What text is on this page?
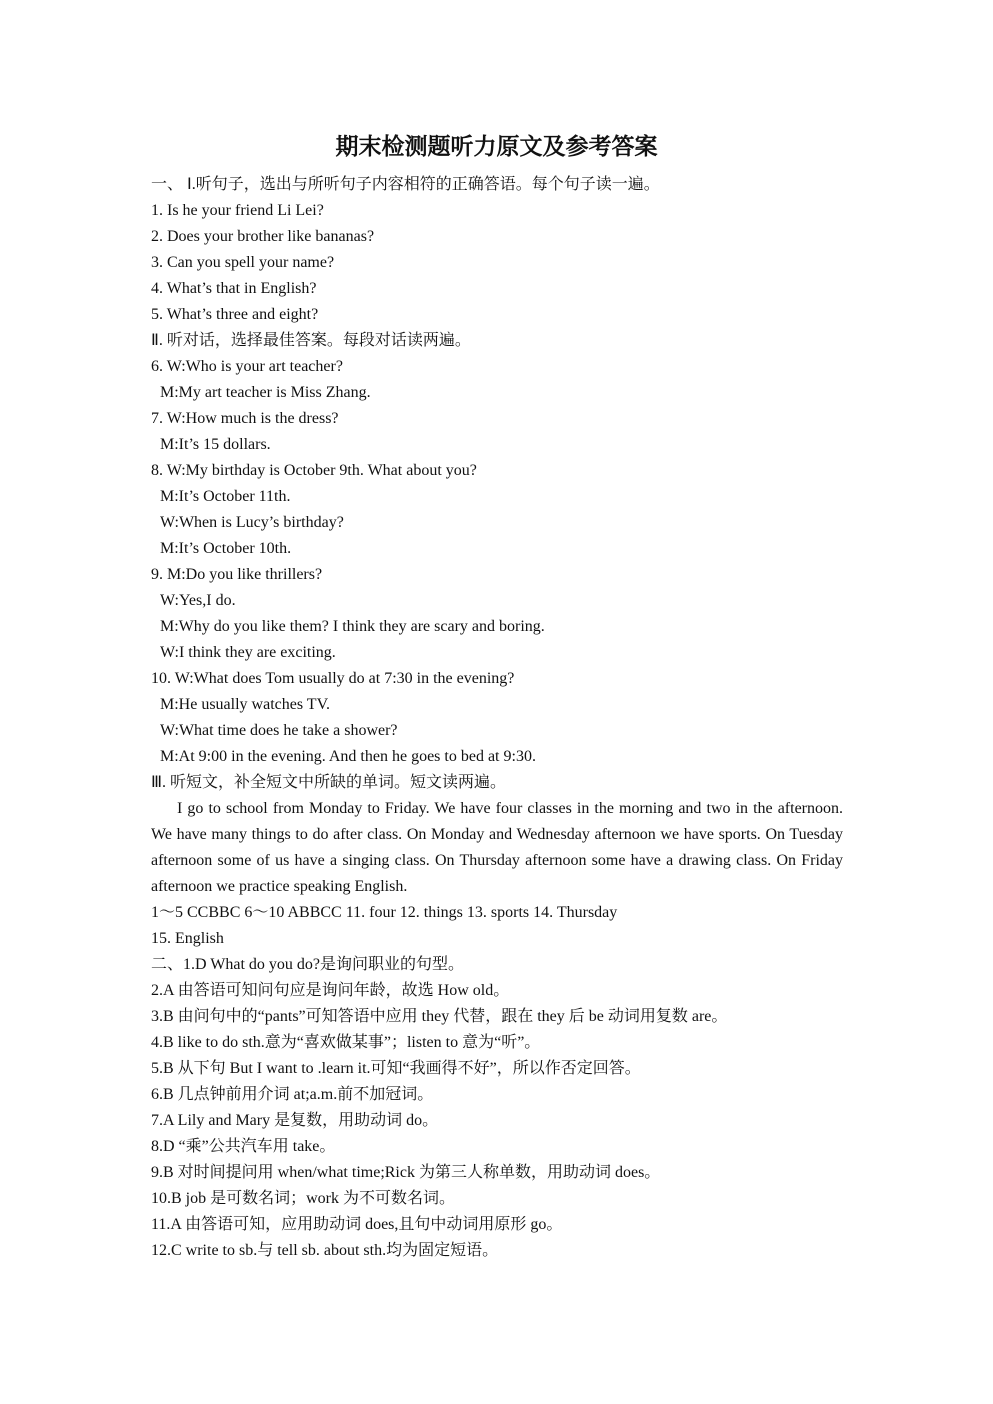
期末检测题听力原文及参考答案
一、 Ⅰ.听句子，选出与所听句子内容相符的正确答语。每个句子读一遍。
1. Is he your friend Li Lei?
2. Does your brother like bananas?
3. Can you spell your name?
4. What’s that in English?
5. What’s three and eight?
Ⅱ. 听对话，选择最佳答案。每段对话读两遍。
6. W:Who is your art teacher?
M:My art teacher is Miss Zhang.
7. W:How much is the dress?
M:It’s 15 dollars.
8. W:My birthday is October 9th. What about you?
M:It’s October 11th.
W:When is Lucy’s birthday?
M:It’s October 10th.
9. M:Do you like thrillers?
W:Yes,I do.
M:Why do you like them? I think they are scary and boring.
W:I think they are exciting.
10. W:What does Tom usually do at 7:30 in the evening?
M:He usually watches TV.
W:What time does he take a shower?
M:At 9:00 in the evening. And then he goes to bed at 9:30.
Ⅲ. 听短文，补全短文中所缺的单词。短文读两遍。

I go to school from Monday to Friday. We have four classes in the morning and two in the afternoon. We have many things to do after class. On Monday and Wednesday afternoon we have sports. On Tuesday afternoon some of us have a singing class. On Thursday afternoon some have a drawing class. On Friday afternoon we practice speaking English.

1～5 CCBBC 6～10 ABBCC 11. four 12. things 13. sports 14. Thursday
15. English
二、1.D What do you do?是询问职业的句型。
2.A 由答语可知问句应是询问年龄，故选 How old。
3.B 由问句中的“pants”可知答语中应用 they 代替，跟在 they 后 be 动词用复数 are。
4.B like to do sth.意为“喜欢做某事”；listen to 意为“听”。
5.B 从下句 But I want to .learn it.可知“我画得不好”，所以作否定回答。
6.B 几点钟前用介词 at;a.m.前不加冠词。
7.A Lily and Mary 是复数，用助动词 do。
8.D “乘”公共汽车用 take。
9.B 对时间提问用 when/what time;Rick 为第三人称单数，用助动词 does。
10.B job 是可数名词；work 为不可数名词。
11.A 由答语可知，应用助动词 does,且句中动词用原形 go。
12.C write to sb.与 tell sb. about sth.均为固定短语。
